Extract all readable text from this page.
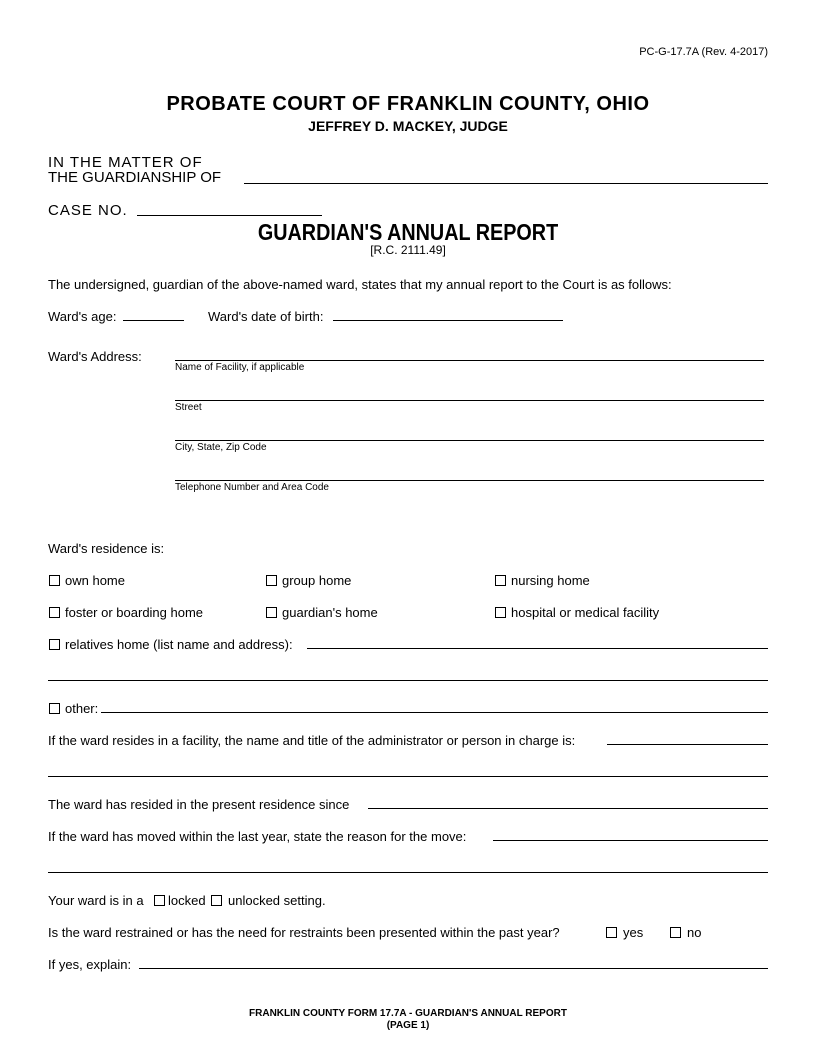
PC-G-17.7A (Rev. 4-2017)
PROBATE COURT OF FRANKLIN COUNTY, OHIO
JEFFREY D. MACKEY, JUDGE
IN THE MATTER OF
THE GUARDIANSHIP OF
CASE NO.
GUARDIAN'S ANNUAL REPORT
[R.C. 2111.49]
The undersigned, guardian of the above-named ward, states that my annual report to the Court is as follows:
Ward's age:	Ward's date of birth:
Ward's Address:
Name of Facility, if applicable
Street
City, State, Zip Code
Telephone Number and Area Code
Ward's residence is:
own home	group home	nursing home
foster or boarding home	guardian's home	hospital or medical facility
relatives home (list name and address):
other:
If the ward resides in a facility, the name and title of the administrator or person in charge is:
The ward has resided in the present residence since
If the ward has moved within the last year, state the reason for the move:
Your ward is in a locked unlocked setting.
Is the ward restrained or has the need for restraints been presented within the past year?	yes	no
If yes, explain:
FRANKLIN COUNTY FORM 17.7A - GUARDIAN'S ANNUAL REPORT
(PAGE 1)
